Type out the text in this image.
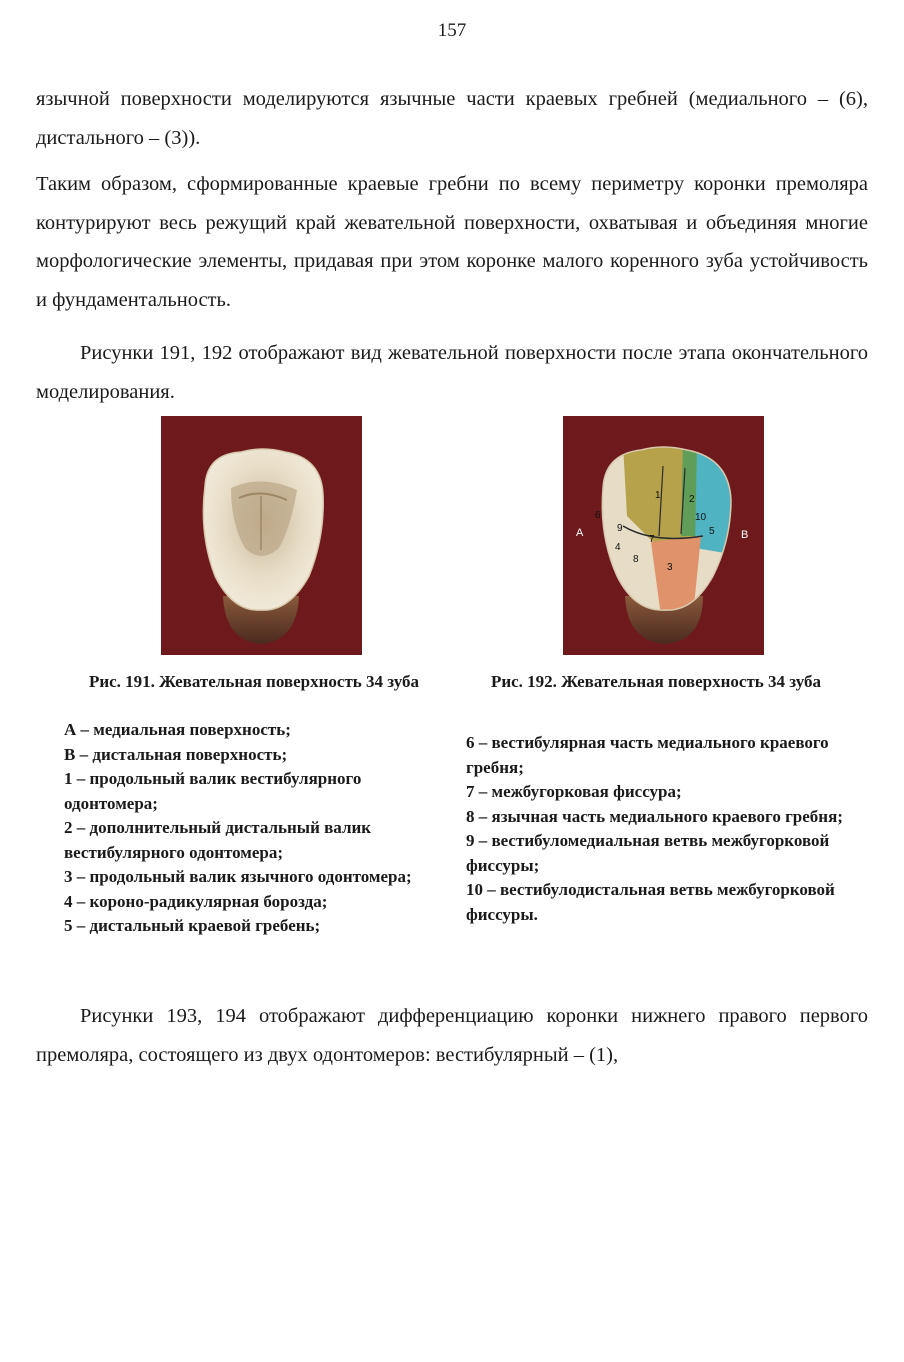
157

язычной поверхности моделируются язычные части краевых гребней (медиального – (6), дистального – (3)).

Таким образом, сформированные краевые гребни по всему периметру коронки премоляра контурируют весь режущий край жевательной поверхности, охватывая и объединяя многие морфологические элементы, придавая при этом коронке малого коренного зуба устойчивость и фундаментальность.

Рисунки 191, 192 отображают вид жевательной поверхности после этапа окончательного моделирования.

A	B
1	2
10
5
6
9
7
4
8
3
Рис. 191. Жевательная поверхность 34 зуба	Рис. 192. Жевательная поверхность 34 зуба
А – медиальная поверхность;
В – дистальная поверхность;
1 – продольный валик вестибулярного одонтомера;
2 – дополнительный дистальный валик вестибулярного одонтомера;
3 – продольный валик язычного одонтомера;
4 – короно-радикулярная борозда;
5 – дистальный краевой гребень;
6 – вестибулярная часть медиального краевого гребня;
7 – межбугорковая фиссура;
8 – язычная часть медиального краевого гребня;
9 – вестибуломедиальная ветвь межбугорковой фиссуры;
10 – вестибулодистальная ветвь межбугорковой фиссуры.

Рисунки 193, 194 отображают дифференциацию коронки нижнего правого первого премоляра, состоящего из двух одонтомеров: вестибулярный – (1),
